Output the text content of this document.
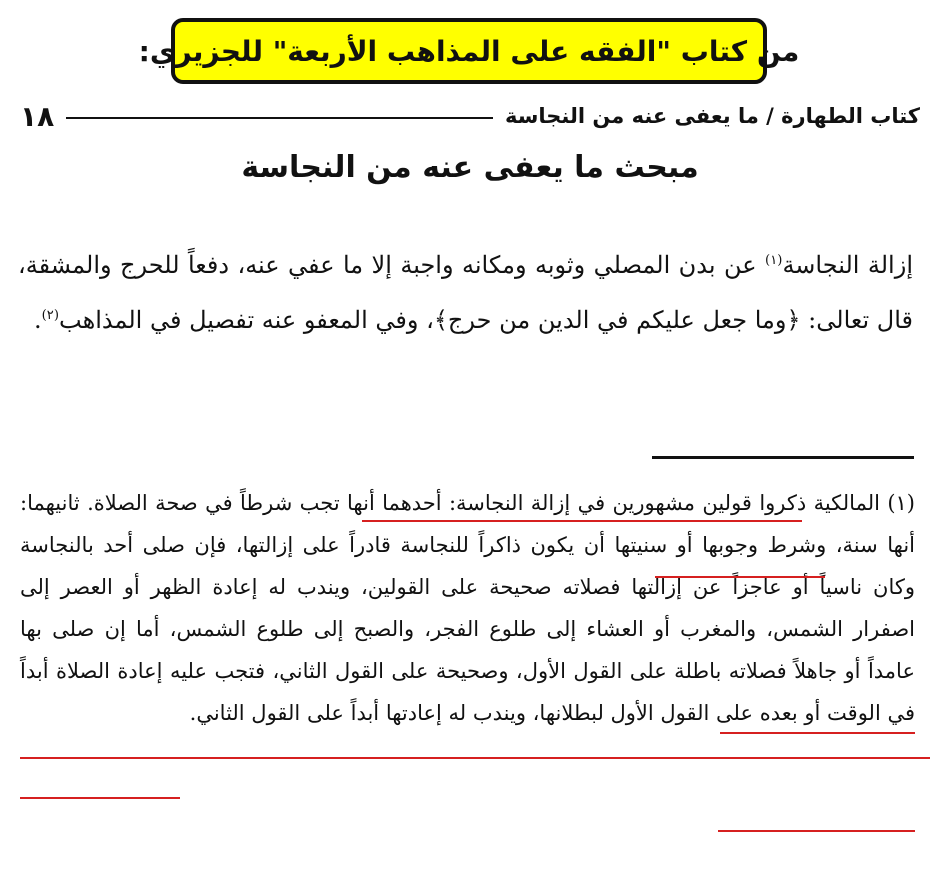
من كتاب "الفقه على المذاهب الأربعة" للجزيري:
كتاب الطهارة / ما يعفى عنه من النجاسة
١٨
مبحث ما يعفى عنه من النجاسة
إزالة النجاسة$^{(١)}$ عن بدن المصلي وثوبه ومكانه واجبة إلا ما عفي عنه، دفعاً للحرج والمشقة، قال تعالى: ﴿وما جعل عليكم في الدين من حرج﴾، وفي المعفو عنه تفصيل في المذاهب$^{(٢)}$.
(١) المالكية ذكروا قولين مشهورين في إزالة النجاسة: أحدهما أنها تجب شرطاً في صحة الصلاة. ثانيهما: أنها سنة، وشرط وجوبها أو سنيتها أن يكون ذاكراً للنجاسة قادراً على إزالتها، فإن صلى أحد بالنجاسة وكان ناسياً أو عاجزاً عن إزالتها فصلاته صحيحة على القولين، ويندب له إعادة الظهر أو العصر إلى اصفرار الشمس، والمغرب أو العشاء إلى طلوع الفجر، والصبح إلى طلوع الشمس، أما إن صلى بها عامداً أو جاهلاً فصلاته باطلة على القول الأول، وصحيحة على القول الثاني، فتجب عليه إعادة الصلاة أبداً في الوقت أو بعده على القول الأول لبطلانها، ويندب له إعادتها أبداً على القول الثاني.
